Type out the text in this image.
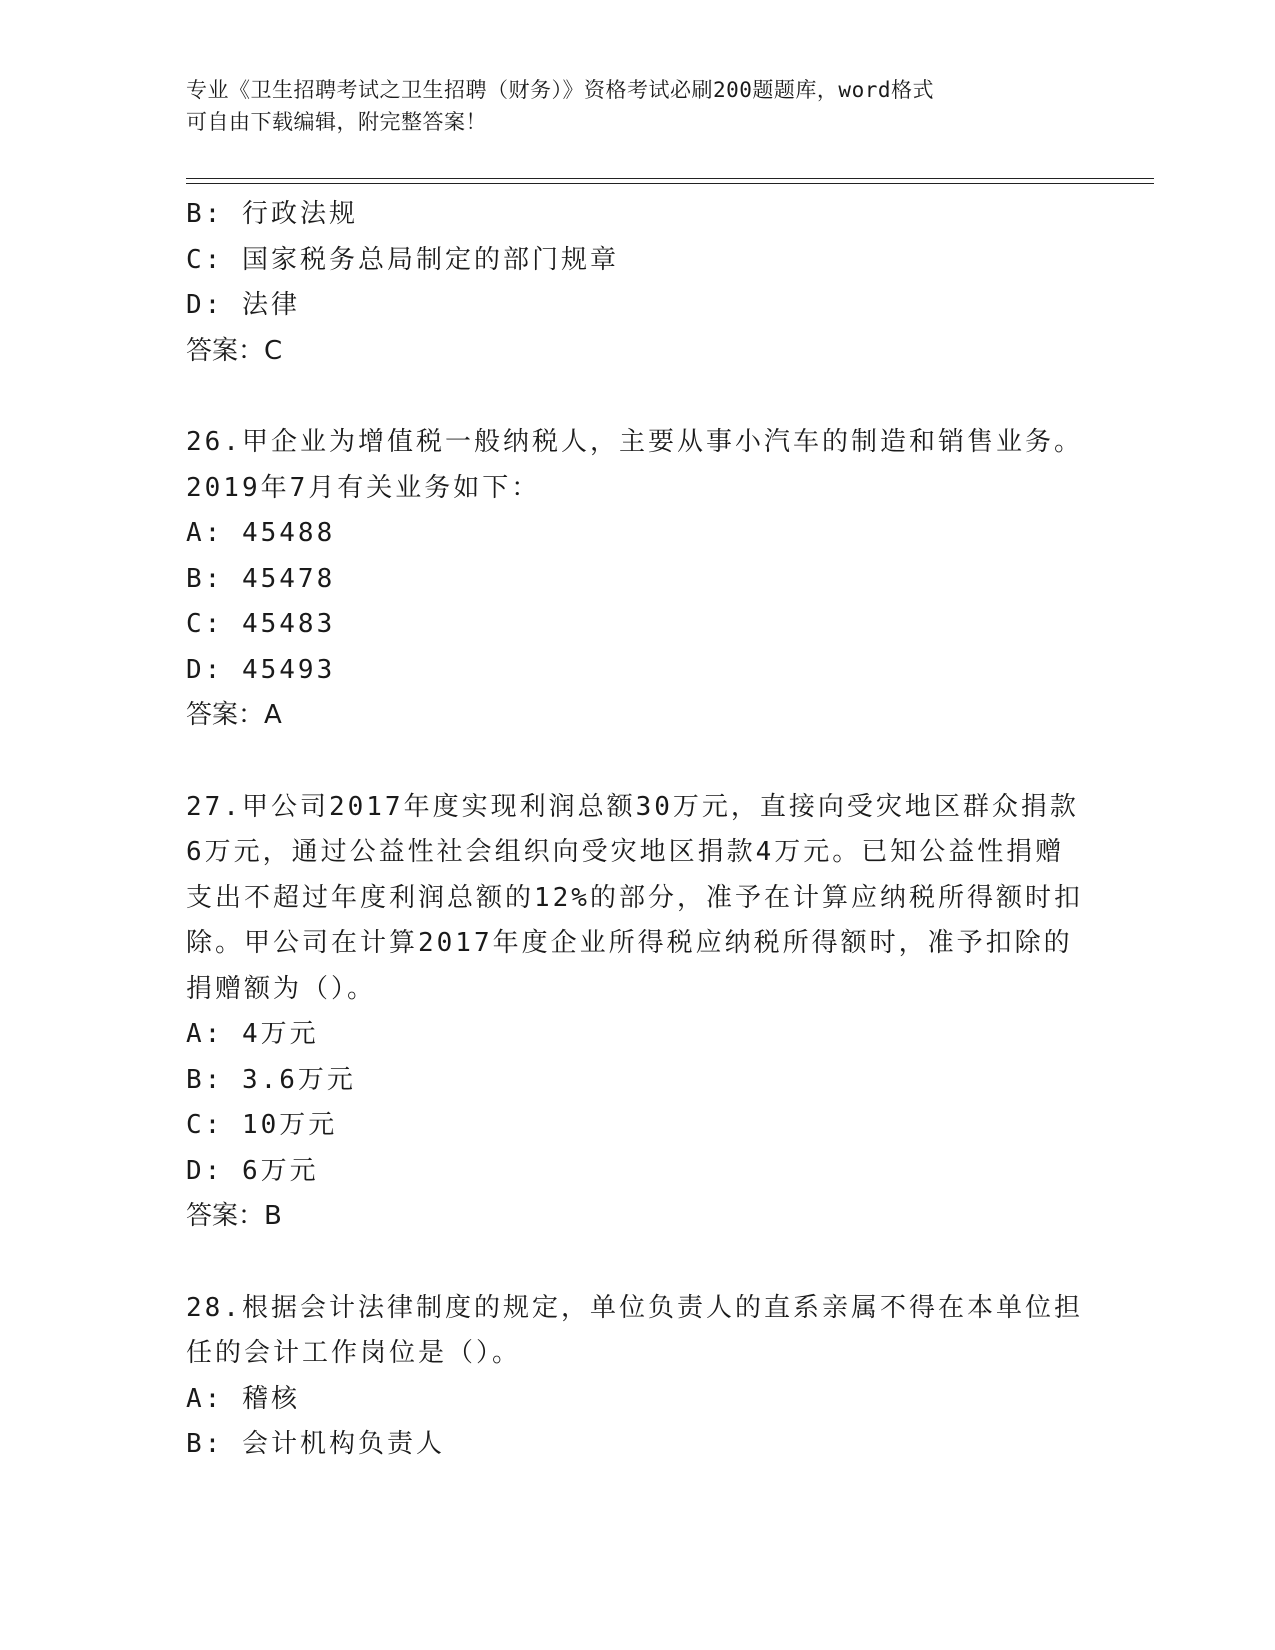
专业《卫生招聘考试之卫生招聘（财务）》资格考试必刷200题题库，word格式
可自由下载编辑，附完整答案！
B: 行政法规
C: 国家税务总局制定的部门规章
D: 法律
答案：C
26.甲企业为增值税一般纳税人，主要从事小汽车的制造和销售业务。
2019年7月有关业务如下：
A: 45488
B: 45478
C: 45483
D: 45493
答案：A
27.甲公司2017年度实现利润总额30万元，直接向受灾地区群众捐款
6万元，通过公益性社会组织向受灾地区捐款4万元。已知公益性捐赠
支出不超过年度利润总额的12%的部分，准予在计算应纳税所得额时扣
除。甲公司在计算2017年度企业所得税应纳税所得额时，准予扣除的
捐赠额为（）。
A: 4万元
B: 3.6万元
C: 10万元
D: 6万元
答案：B
28.根据会计法律制度的规定，单位负责人的直系亲属不得在本单位担
任的会计工作岗位是（）。
A: 稽核
B: 会计机构负责人
